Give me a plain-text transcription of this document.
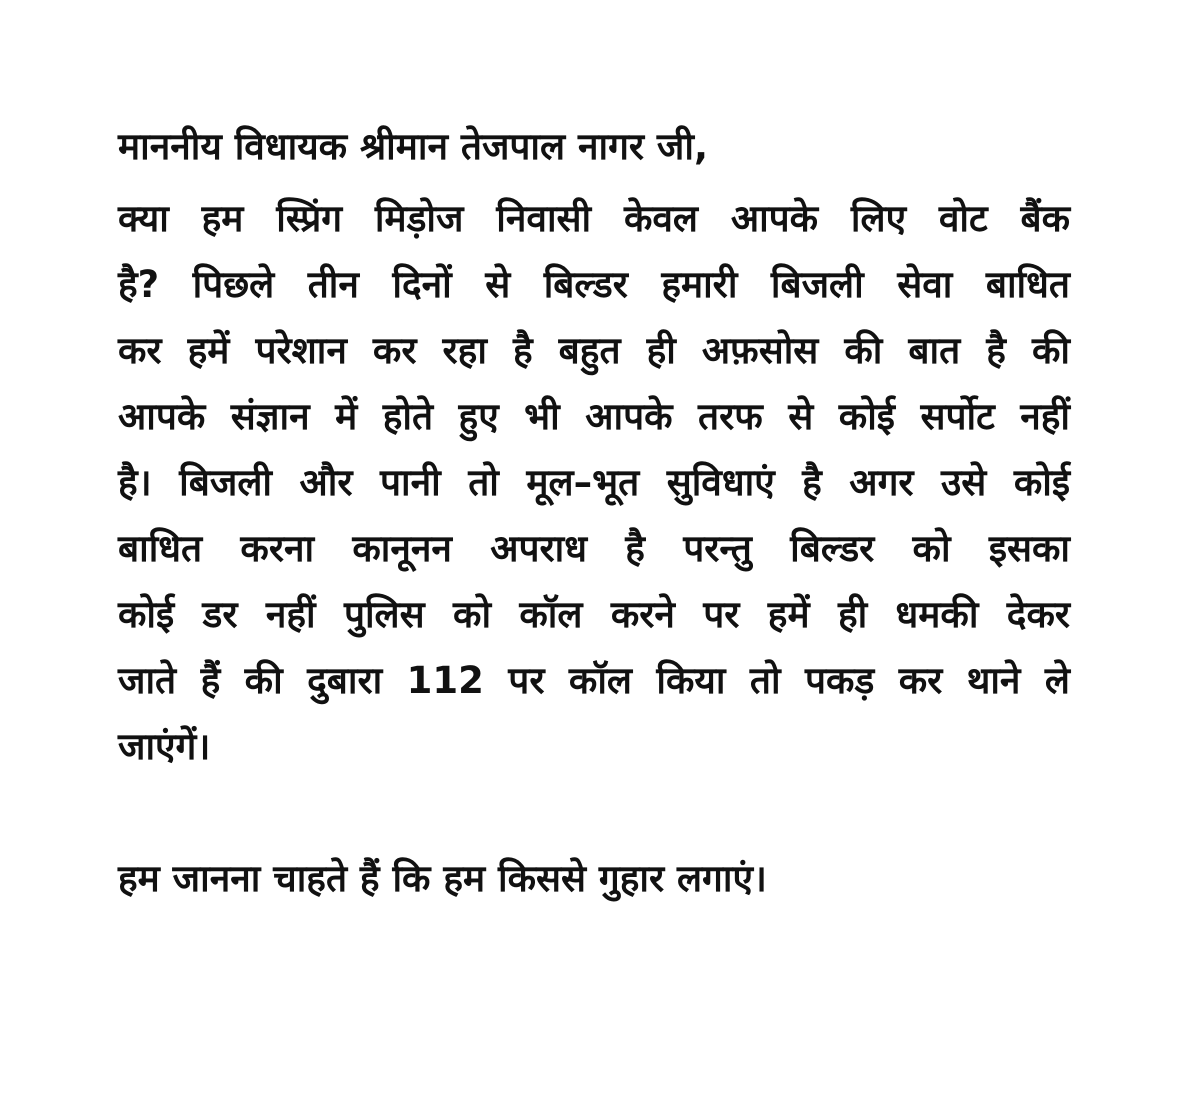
माननीय विधायक श्रीमान तेजपाल नागर जी,

क्या हम स्प्रिंग मिड़ोज निवासी केवल आपके लिए वोट बैंक
है? पिछले तीन दिनों से बिल्डर हमारी बिजली सेवा बाधित
कर हमें परेशान कर रहा है बहुत ही अफ़सोस की बात है की
आपके संज्ञान में होते हुए भी आपके तरफ से कोई सर्पोट नहीं
है। बिजली और पानी तो मूल–भूत सुविधाएं है अगर उसे कोई
बाधित करना कानूनन अपराध है परन्तु बिल्डर को इसका
कोई डर नहीं पुलिस को कॉल करने पर हमें ही धमकी देकर
जाते हैं की दुबारा 112 पर कॉल किया तो पकड़ कर थाने ले
जाएंगें।

हम जानना चाहते हैं कि हम किससे गुहार लगाएं।
